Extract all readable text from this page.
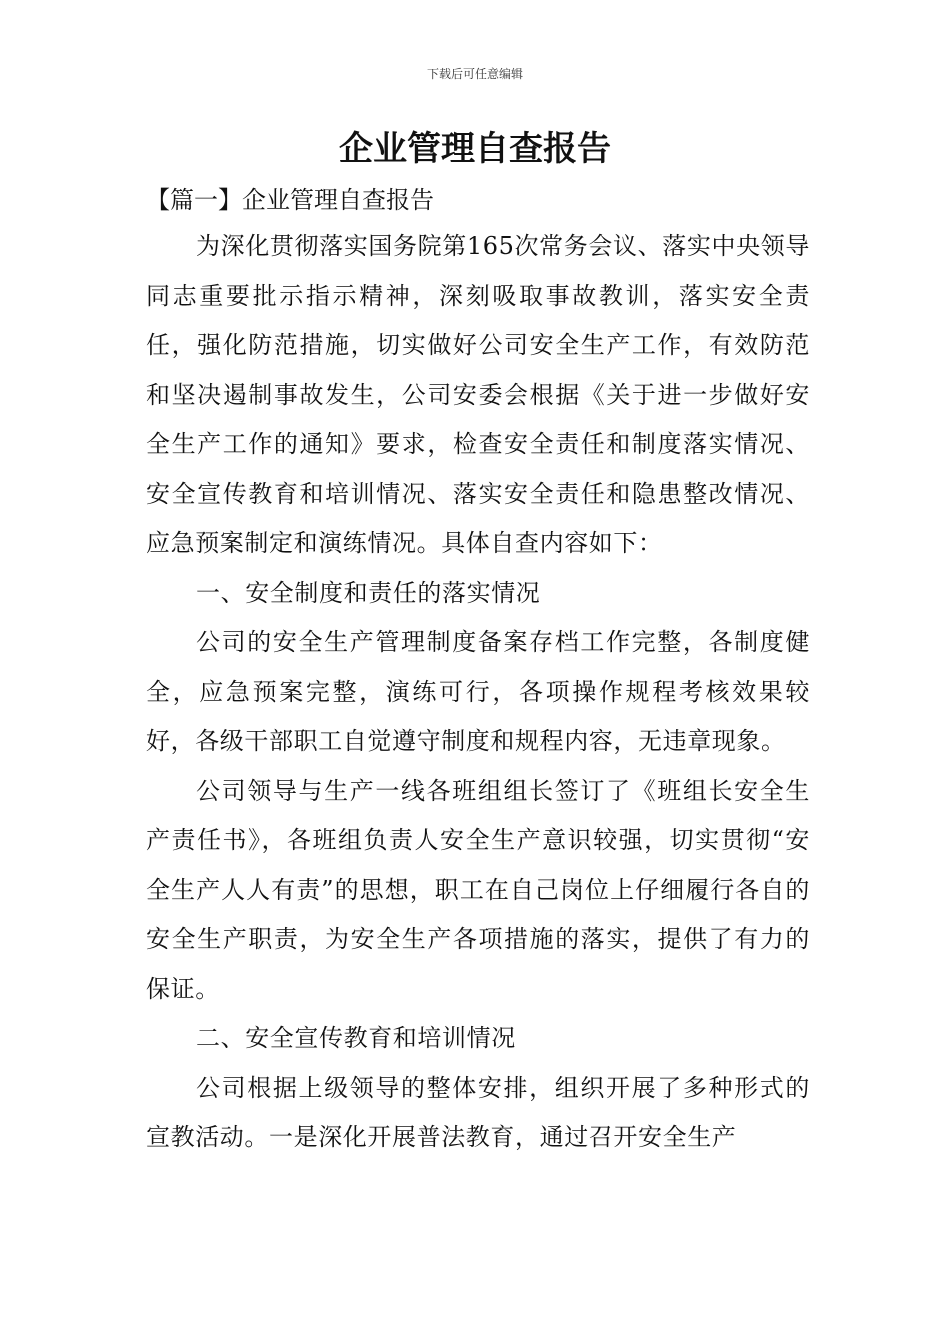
下载后可任意编辑
企业管理自查报告

【篇一】企业管理自查报告

为深化贯彻落实国务院第165次常务会议、落实中央领导同志重要批示指示精神，深刻吸取事故教训，落实安全责任，强化防范措施，切实做好公司安全生产工作，有效防范和坚决遏制事故发生，公司安委会根据《关于进一步做好安全生产工作的通知》要求，检查安全责任和制度落实情况、安全宣传教育和培训情况、落实安全责任和隐患整改情况、应急预案制定和演练情况。具体自查内容如下：

一、安全制度和责任的落实情况

公司的安全生产管理制度备案存档工作完整，各制度健全，应急预案完整，演练可行，各项操作规程考核效果较好，各级干部职工自觉遵守制度和规程内容，无违章现象。

公司领导与生产一线各班组组长签订了《班组长安全生产责任书》，各班组负责人安全生产意识较强，切实贯彻“安全生产人人有责”的思想，职工在自己岗位上仔细履行各自的安全生产职责，为安全生产各项措施的落实，提供了有力的保证。

二、安全宣传教育和培训情况

公司根据上级领导的整体安排，组织开展了多种形式的宣教活动。一是深化开展普法教育，通过召开安全生产
